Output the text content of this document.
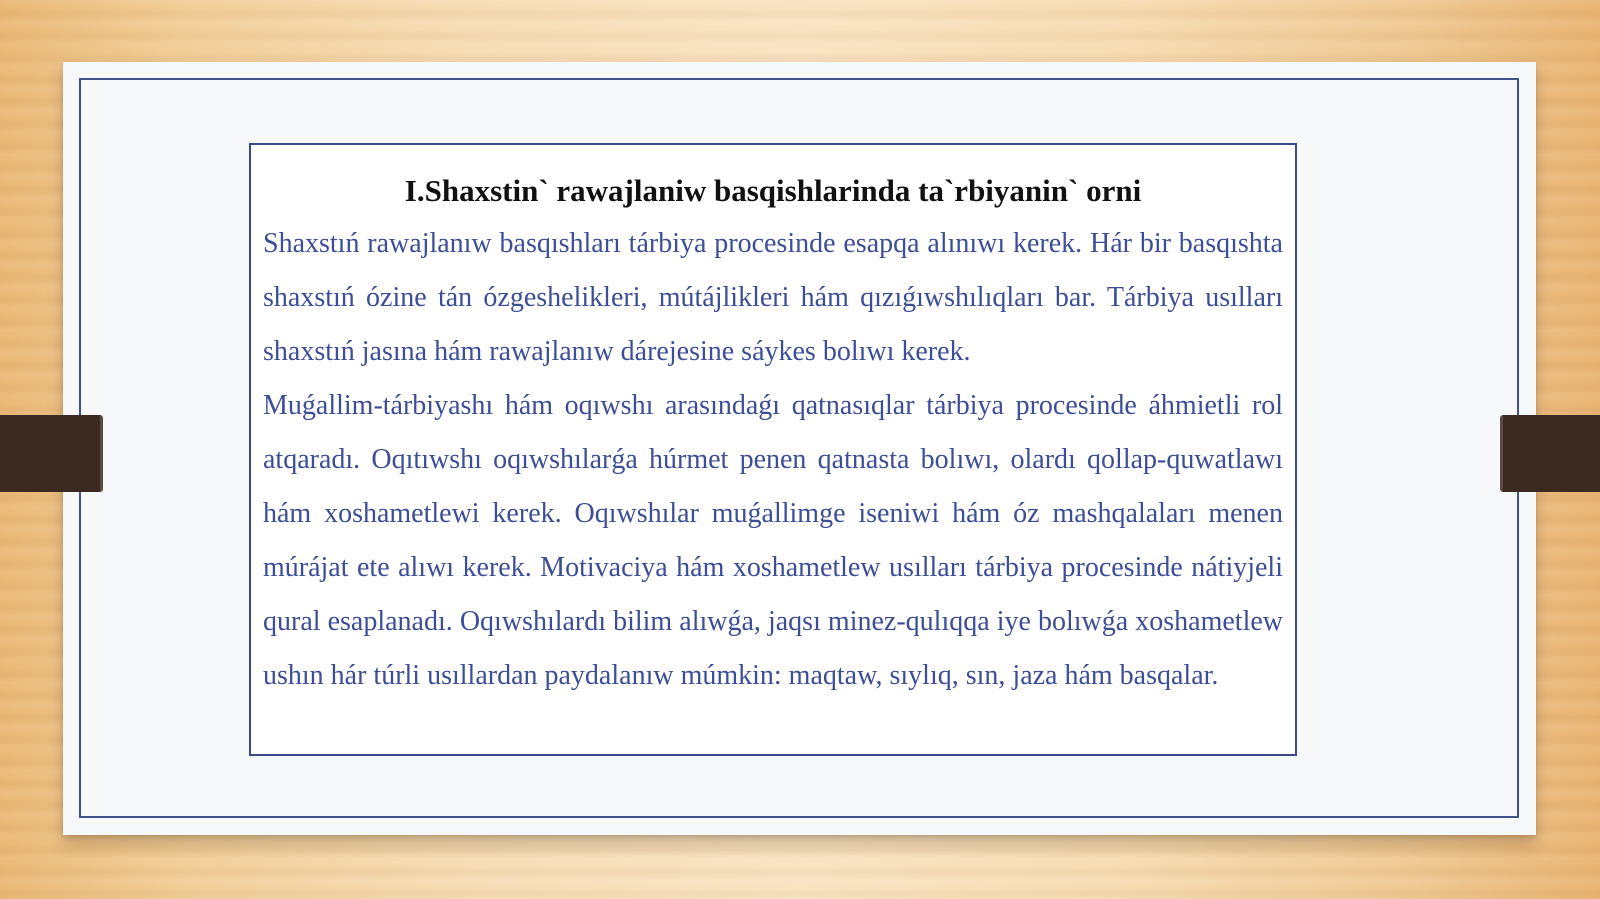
I.Shaxstin` rawajlaniw basqishlarinda ta`rbiyanin` orni

Shaxstıń rawajlanıw basqıshları tárbiya procesinde esapqa alınıwı kerek. Hár bir basqıshta shaxstıń ózine tán ózgeshelikleri, mútájlikleri hám qızıǵıwshılıqları bar. Tárbiya usılları shaxstıń jasına hám rawajlanıw dárejesine sáykes bolıwı kerek.

Muǵallim-tárbiyashı hám oqıwshı arasındaǵı qatnasıqlar tárbiya procesinde áhmietli rol atqaradı. Oqıtıwshı oqıwshılarǵa húrmet penen qatnasta bolıwı, olardı qollap-quwatlawı hám xoshametlewi kerek. Oqıwshılar muǵallimge iseniwi hám óz mashqalaları menen múrájat ete alıwı kerek. Motivaciya hám xoshametlew usılları tárbiya procesinde nátiyjeli qural esaplanadı. Oqıwshılardı bilim alıwǵa, jaqsı minez-qulıqqa iye bolıwǵa xoshametlew ushın hár túrli usıllardan paydalanıw múmkin: maqtaw, sıylıq, sın, jaza hám basqalar.
